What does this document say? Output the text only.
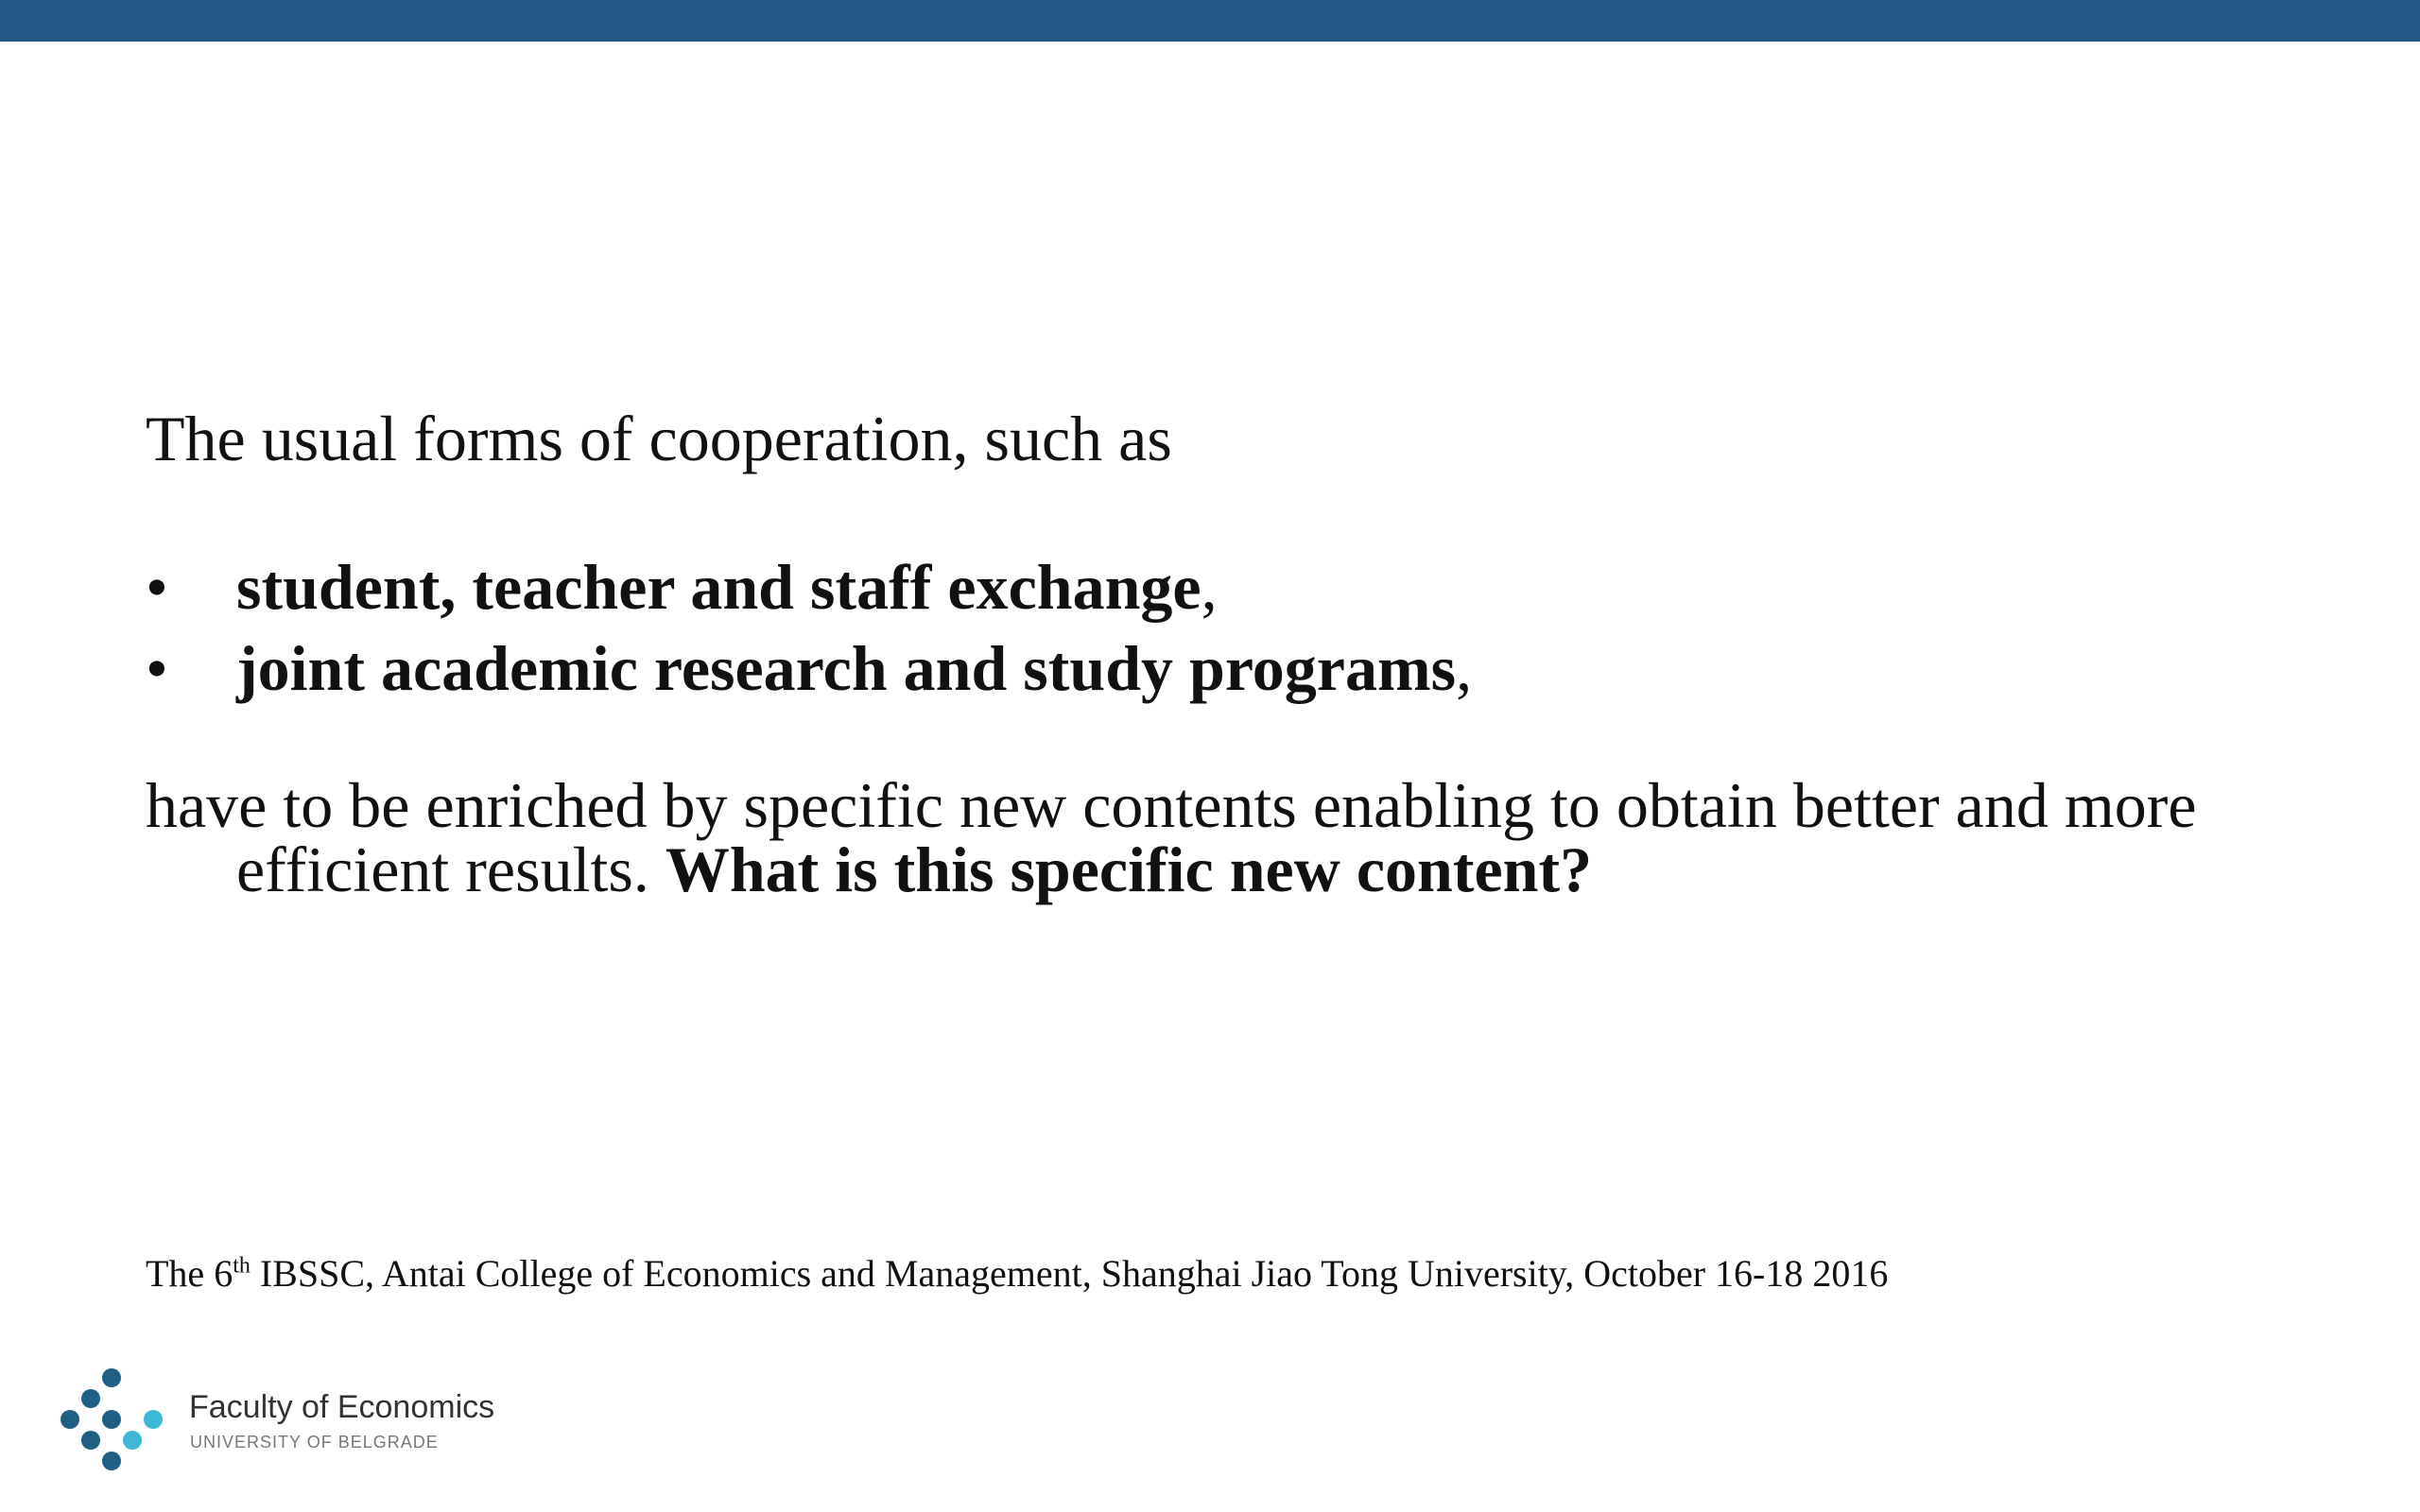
The usual forms of cooperation, such as

• student, teacher and staff exchange,
• joint academic research and study programs,

have to be enriched by specific new contents enabling to obtain better and more efficient results. What is this specific new content?

The 6th IBSSC, Antai College of Economics and Management, Shanghai Jiao Tong University, October 16-18 2016
Faculty of Economics
UNIVERSITY OF BELGRADE
